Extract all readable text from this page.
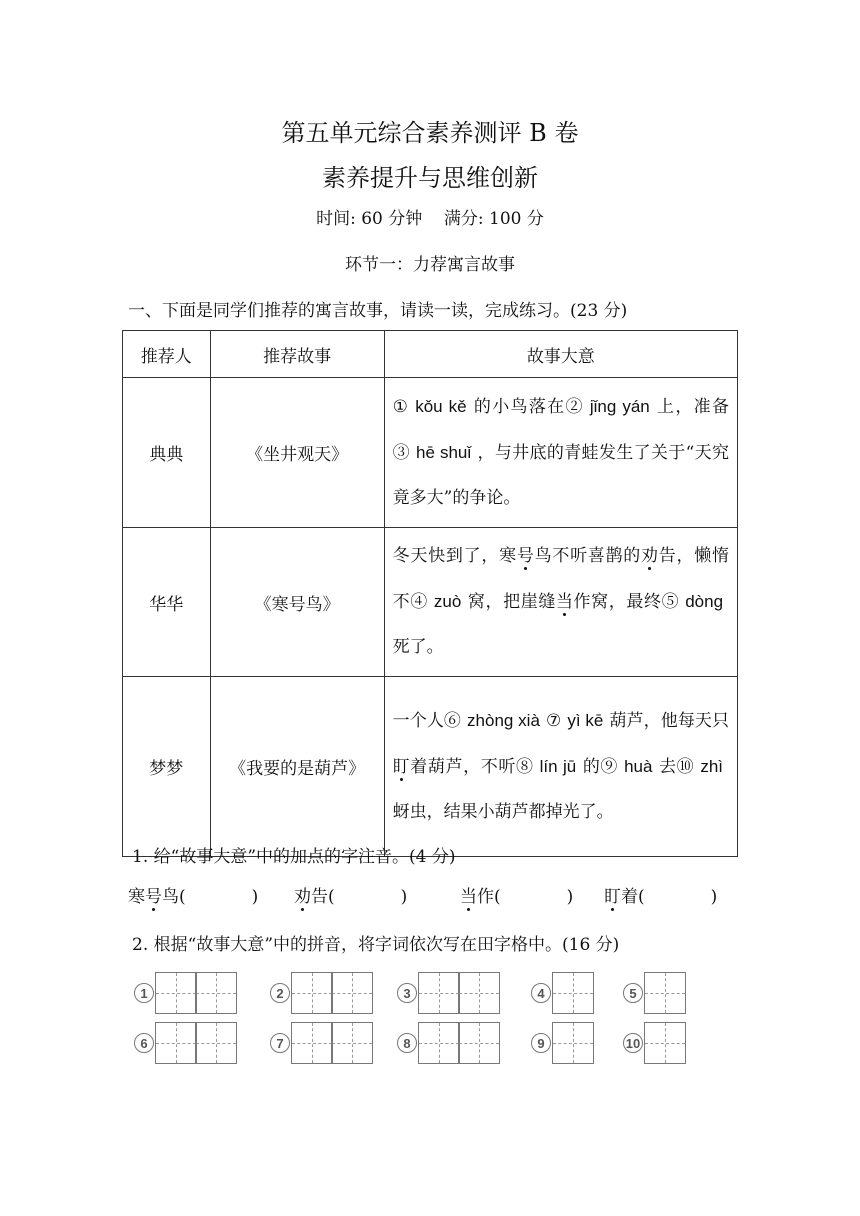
第五单元综合素养测评 B 卷
素养提升与思维创新
时间: 60 分钟    满分: 100 分
环节一：力荐寓言故事
一、下面是同学们推荐的寓言故事，请读一读，完成练习。(23 分)
推荐人	推荐故事	故事大意
典典	《坐井观天》	① kǒu kě 的小鸟落在② jǐng yán 上，准备③ hē shuǐ ，与井底的青蛙发生了关于“天究竟多大”的争论。
华华	《寒号鸟》	冬天快到了，寒号鸟不听喜鹊的劝告，懒惰不④ zuò 窝，把崖缝当作窝，最终⑤ dòng死了。
梦梦	《我要的是葫芦》	一个人⑥ zhòng xià ⑦ yì kē 葫芦，他每天只盯着葫芦，不听⑧ lín jū 的⑨ huà 去⑩ zhì蚜虫，结果小葫芦都掉光了。
1. 给“故事大意”中的加点的字注音。(4 分)
寒号鸟(	) 劝告(	)	当作(	) 盯着(	)
2. 根据“故事大意”中的拼音，将字词依次写在田字格中。(16 分)
1	2	3	4	5
6	7	8	9	10
